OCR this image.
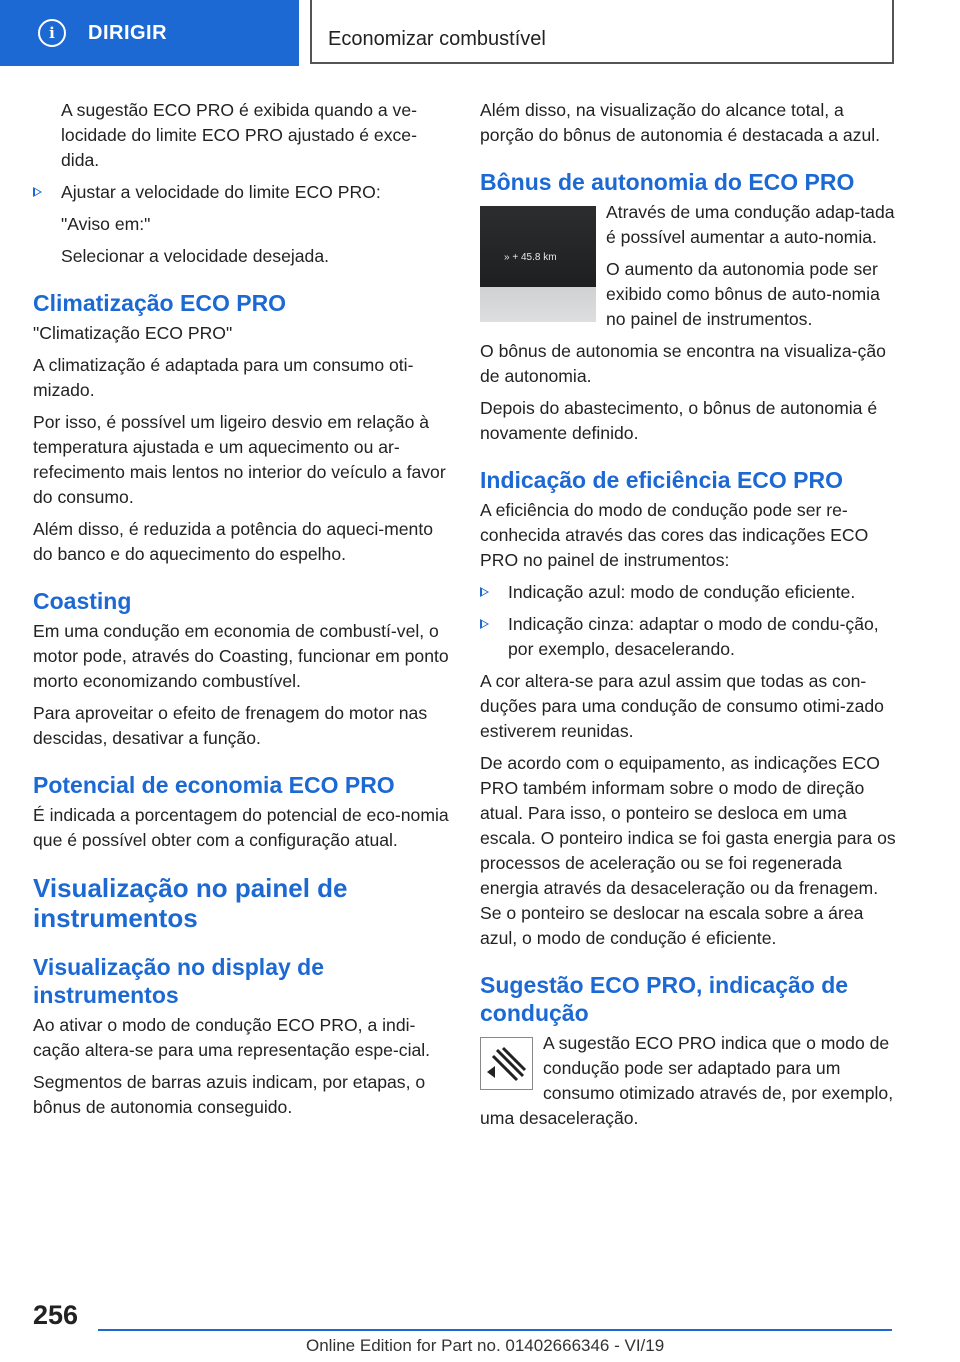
i	DIRIGIR	Economizar combustível

A sugestão ECO PRO é exibida quando a ve-locidade do limite ECO PRO ajustado é exce-dida.

Ajustar a velocidade do limite ECO PRO:

"Aviso em:"

Selecionar a velocidade desejada.

Climatização ECO PRO

"Climatização ECO PRO"

A climatização é adaptada para um consumo oti-mizado.

Por isso, é possível um ligeiro desvio em relação à temperatura ajustada e um aquecimento ou ar-refecimento mais lentos no interior do veículo a favor do consumo.

Além disso, é reduzida a potência do aqueci-mento do banco e do aquecimento do espelho.

Coasting

Em uma condução em economia de combustí-vel, o motor pode, através do Coasting, funcionar em ponto morto economizando combustível.

Para aproveitar o efeito de frenagem do motor nas descidas, desativar a função.

Potencial de economia ECO PRO

É indicada a porcentagem do potencial de eco-nomia que é possível obter com a configuração atual.

Visualização no painel de instrumentos
Visualização no display de instrumentos

Ao ativar o modo de condução ECO PRO, a indi-cação altera-se para uma representação espe-cial.

Segmentos de barras azuis indicam, por etapas, o bônus de autonomia conseguido.

Além disso, na visualização do alcance total, a porção do bônus de autonomia é destacada a azul.

Bônus de autonomia do ECO PRO
» + 45.8 km

Através de uma condução adap-tada é possível aumentar a auto-nomia.

O aumento da autonomia pode ser exibido como bônus de auto-nomia no painel de instrumentos.

O bônus de autonomia se encontra na visualiza-ção de autonomia.

Depois do abastecimento, o bônus de autonomia é novamente definido.

Indicação de eficiência ECO PRO

A eficiência do modo de condução pode ser re-conhecida através das cores das indicações ECO PRO no painel de instrumentos:

Indicação azul: modo de condução eficiente.
Indicação cinza: adaptar o modo de condu-ção, por exemplo, desacelerando.

A cor altera-se para azul assim que todas as con-duções para uma condução de consumo otimi-zado estiverem reunidas.

De acordo com o equipamento, as indicações ECO PRO também informam sobre o modo de direção atual. Para isso, o ponteiro se desloca em uma escala. O ponteiro indica se foi gasta energia para os processos de aceleração ou se foi regenerada energia através da desaceleração ou da frenagem. Se o ponteiro se deslocar na escala sobre a área azul, o modo de condução é eficiente.

Sugestão ECO PRO, indicação de condução

A sugestão ECO PRO indica que o modo de condução pode ser adaptado para um consumo otimizado através de, por exemplo, uma desaceleração.

256
Online Edition for Part no. 01402666346 - VI/19
